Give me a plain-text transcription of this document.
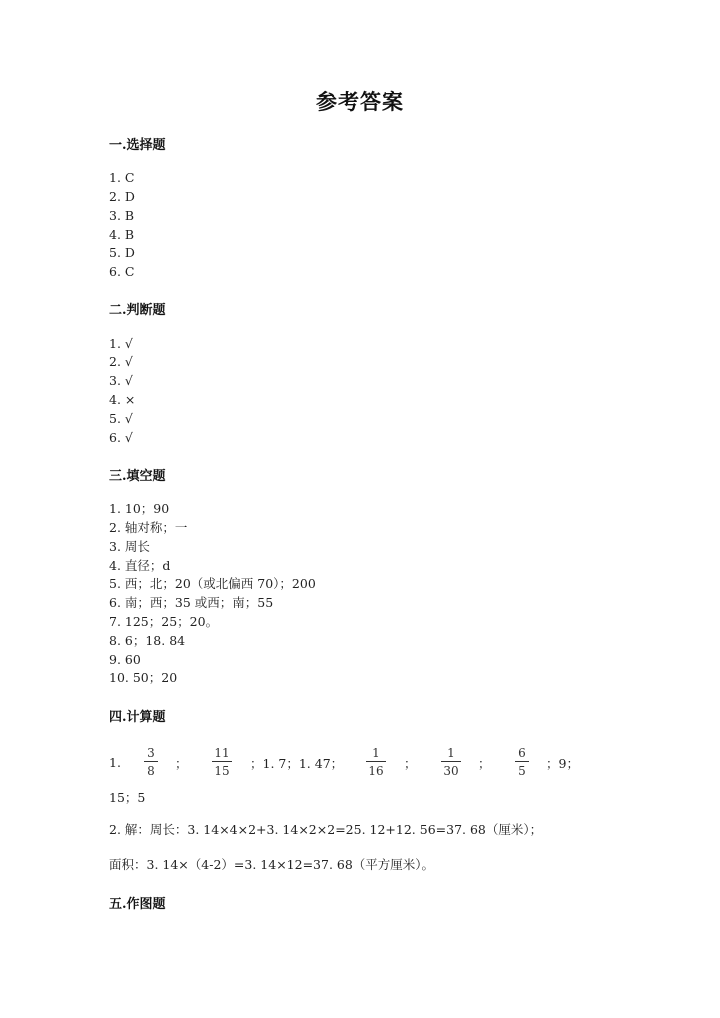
参考答案
一.选择题
1. C
2. D
3. B
4. B
5. D
6. C
二.判断题
1. √
2. √
3. √
4. ×
5. √
6. √
三.填空题
1. 10；90
2. 轴对称；一
3. 周长
4. 直径；d
5. 西；北；20（或北偏西 70）；200
6. 南；西；35 或西；南；55
7. 125；25；20。
8. 6；18. 84
9. 60
10. 50；20
四.计算题
1.
3
8 ；
11
15 ；1. 7；1. 47；
1
16 ；
1
30 ；
6
5 ；9；
15；5
2. 解：周长：3. 14×4×2+3. 14×2×2=25. 12+12. 56=37. 68（厘米）；
面积：3. 14×（4-2）=3. 14×12=37. 68（平方厘米）。
五.作图题
